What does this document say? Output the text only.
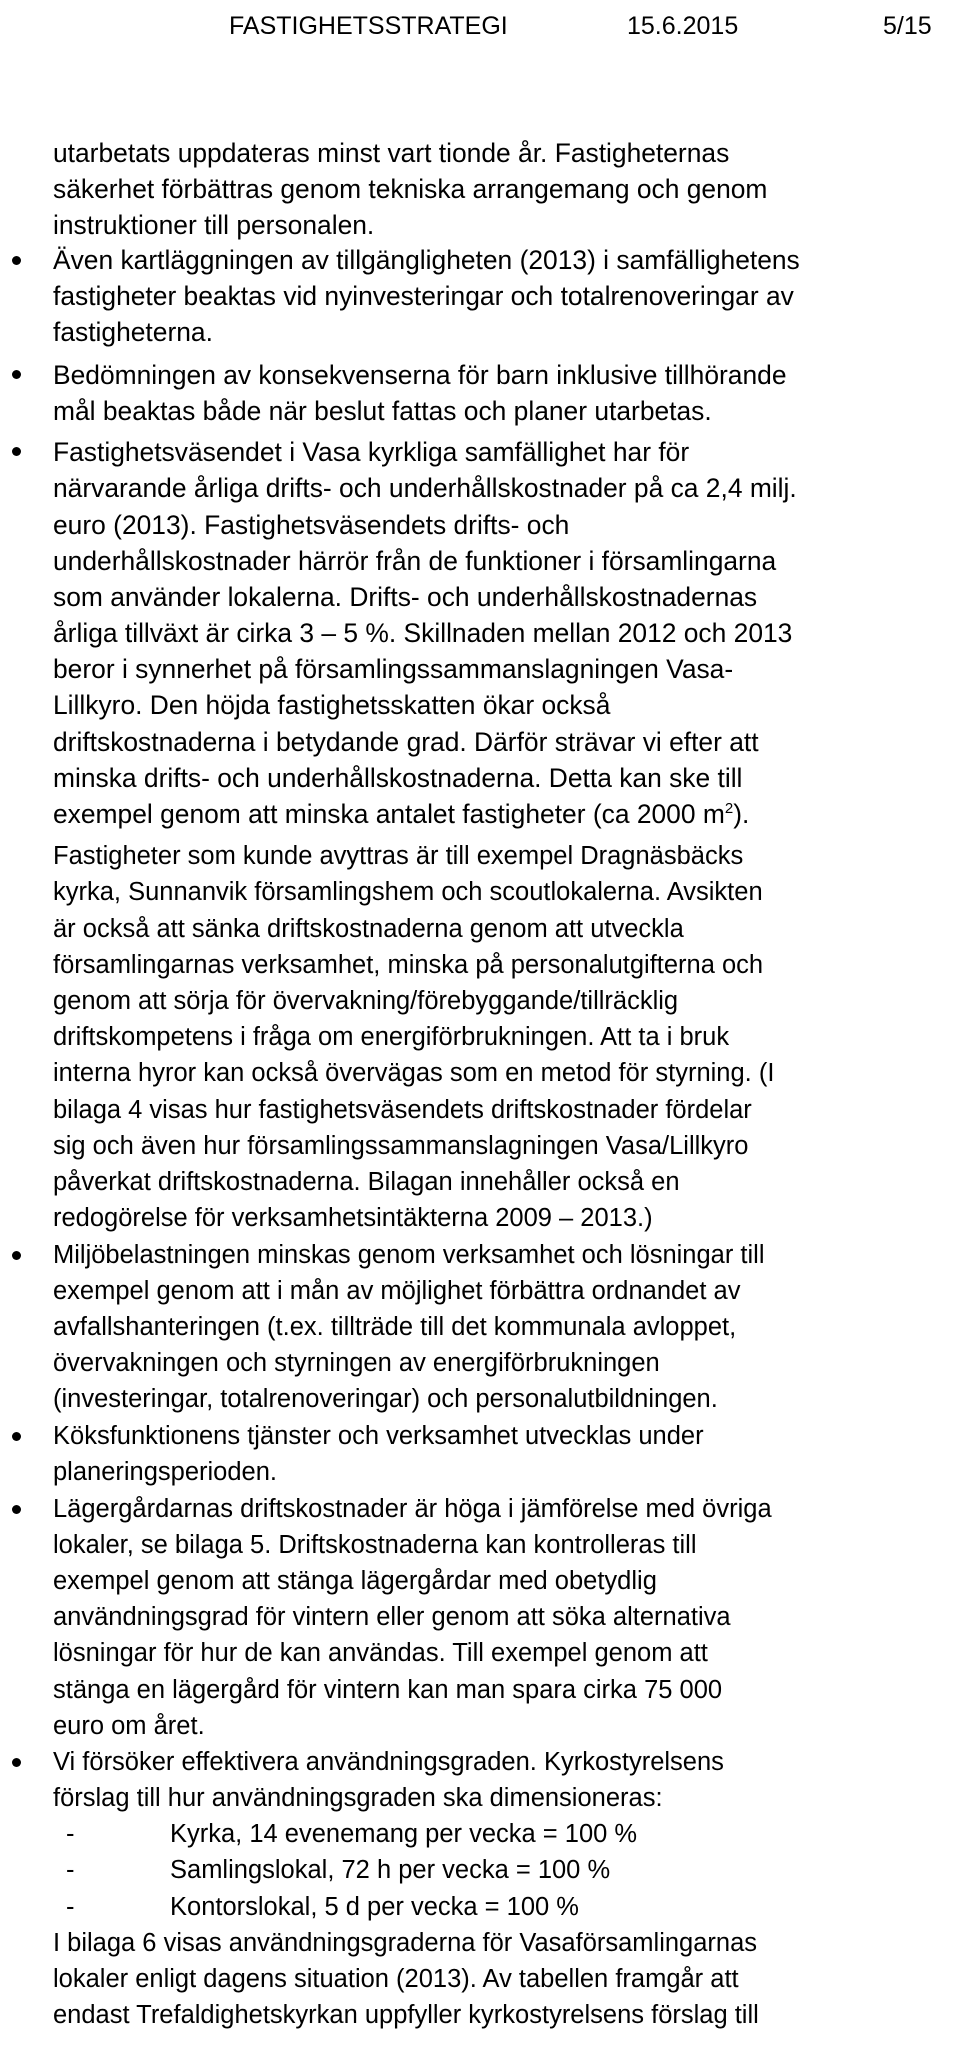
FASTIGHETSSTRATEGI	15.6.2015	5/15
utarbetats uppdateras minst vart tionde år. Fastigheternas
säkerhet förbättras genom tekniska arrangemang och genom
instruktioner till personalen.
Även kartläggningen av tillgängligheten (2013) i samfällighetens
fastigheter beaktas vid nyinvesteringar och totalrenoveringar av
fastigheterna.
Bedömningen av konsekvenserna för barn inklusive tillhörande
mål beaktas både när beslut fattas och planer utarbetas.
Fastighetsväsendet i Vasa kyrkliga samfällighet har för
närvarande årliga drifts- och underhållskostnader på ca 2,4 milj.
euro (2013). Fastighetsväsendets drifts- och
underhållskostnader härrör från de funktioner i församlingarna
som använder lokalerna. Drifts- och underhållskostnadernas
årliga tillväxt är cirka 3 – 5 %. Skillnaden mellan 2012 och 2013
beror i synnerhet på församlingssammanslagningen Vasa-
Lillkyro. Den höjda fastighetsskatten ökar också
driftskostnaderna i betydande grad. Därför strävar vi efter att
minska drifts- och underhållskostnaderna. Detta kan ske till
exempel genom att minska antalet fastigheter (ca 2000 $m^2$).
Fastigheter som kunde avyttras är till exempel Dragnäsbäcks
kyrka, Sunnanvik församlingshem och scoutlokalerna. Avsikten
är också att sänka driftskostnaderna genom att utveckla
församlingarnas verksamhet, minska på personalutgifterna och
genom att sörja för övervakning/förebyggande/tillräcklig
driftskompetens i fråga om energiförbrukningen. Att ta i bruk
interna hyror kan också övervägas som en metod för styrning. (I
bilaga 4 visas hur fastighetsväsendets driftskostnader fördelar
sig och även hur församlingssammanslagningen Vasa/Lillkyro
påverkat driftskostnaderna. Bilagan innehåller också en
redogörelse för verksamhetsintäkterna 2009 – 2013.)
Miljöbelastningen minskas genom verksamhet och lösningar till
exempel genom att i mån av möjlighet förbättra ordnandet av
avfallshanteringen (t.ex. tillträde till det kommunala avloppet,
övervakningen och styrningen av energiförbrukningen
(investeringar, totalrenoveringar) och personalutbildningen.
Köksfunktionens tjänster och verksamhet utvecklas under
planeringsperioden.
Lägergårdarnas driftskostnader är höga i jämförelse med övriga
lokaler, se bilaga 5. Driftskostnaderna kan kontrolleras till
exempel genom att stänga lägergårdar med obetydlig
användningsgrad för vintern eller genom att söka alternativa
lösningar för hur de kan användas. Till exempel genom att
stänga en lägergård för vintern kan man spara cirka 75 000
euro om året.
Vi försöker effektivera användningsgraden. Kyrkostyrelsens
förslag till hur användningsgraden ska dimensioneras:
-	Kyrka, 14 evenemang per vecka = 100 %
-	Samlingslokal, 72 h per vecka = 100 %
-	Kontorslokal, 5 d per vecka = 100 %
I bilaga 6 visas användningsgraderna för Vasaförsamlingarnas
lokaler enligt dagens situation (2013). Av tabellen framgår att
endast Trefaldighetskyrkan uppfyller kyrkostyrelsens förslag till
